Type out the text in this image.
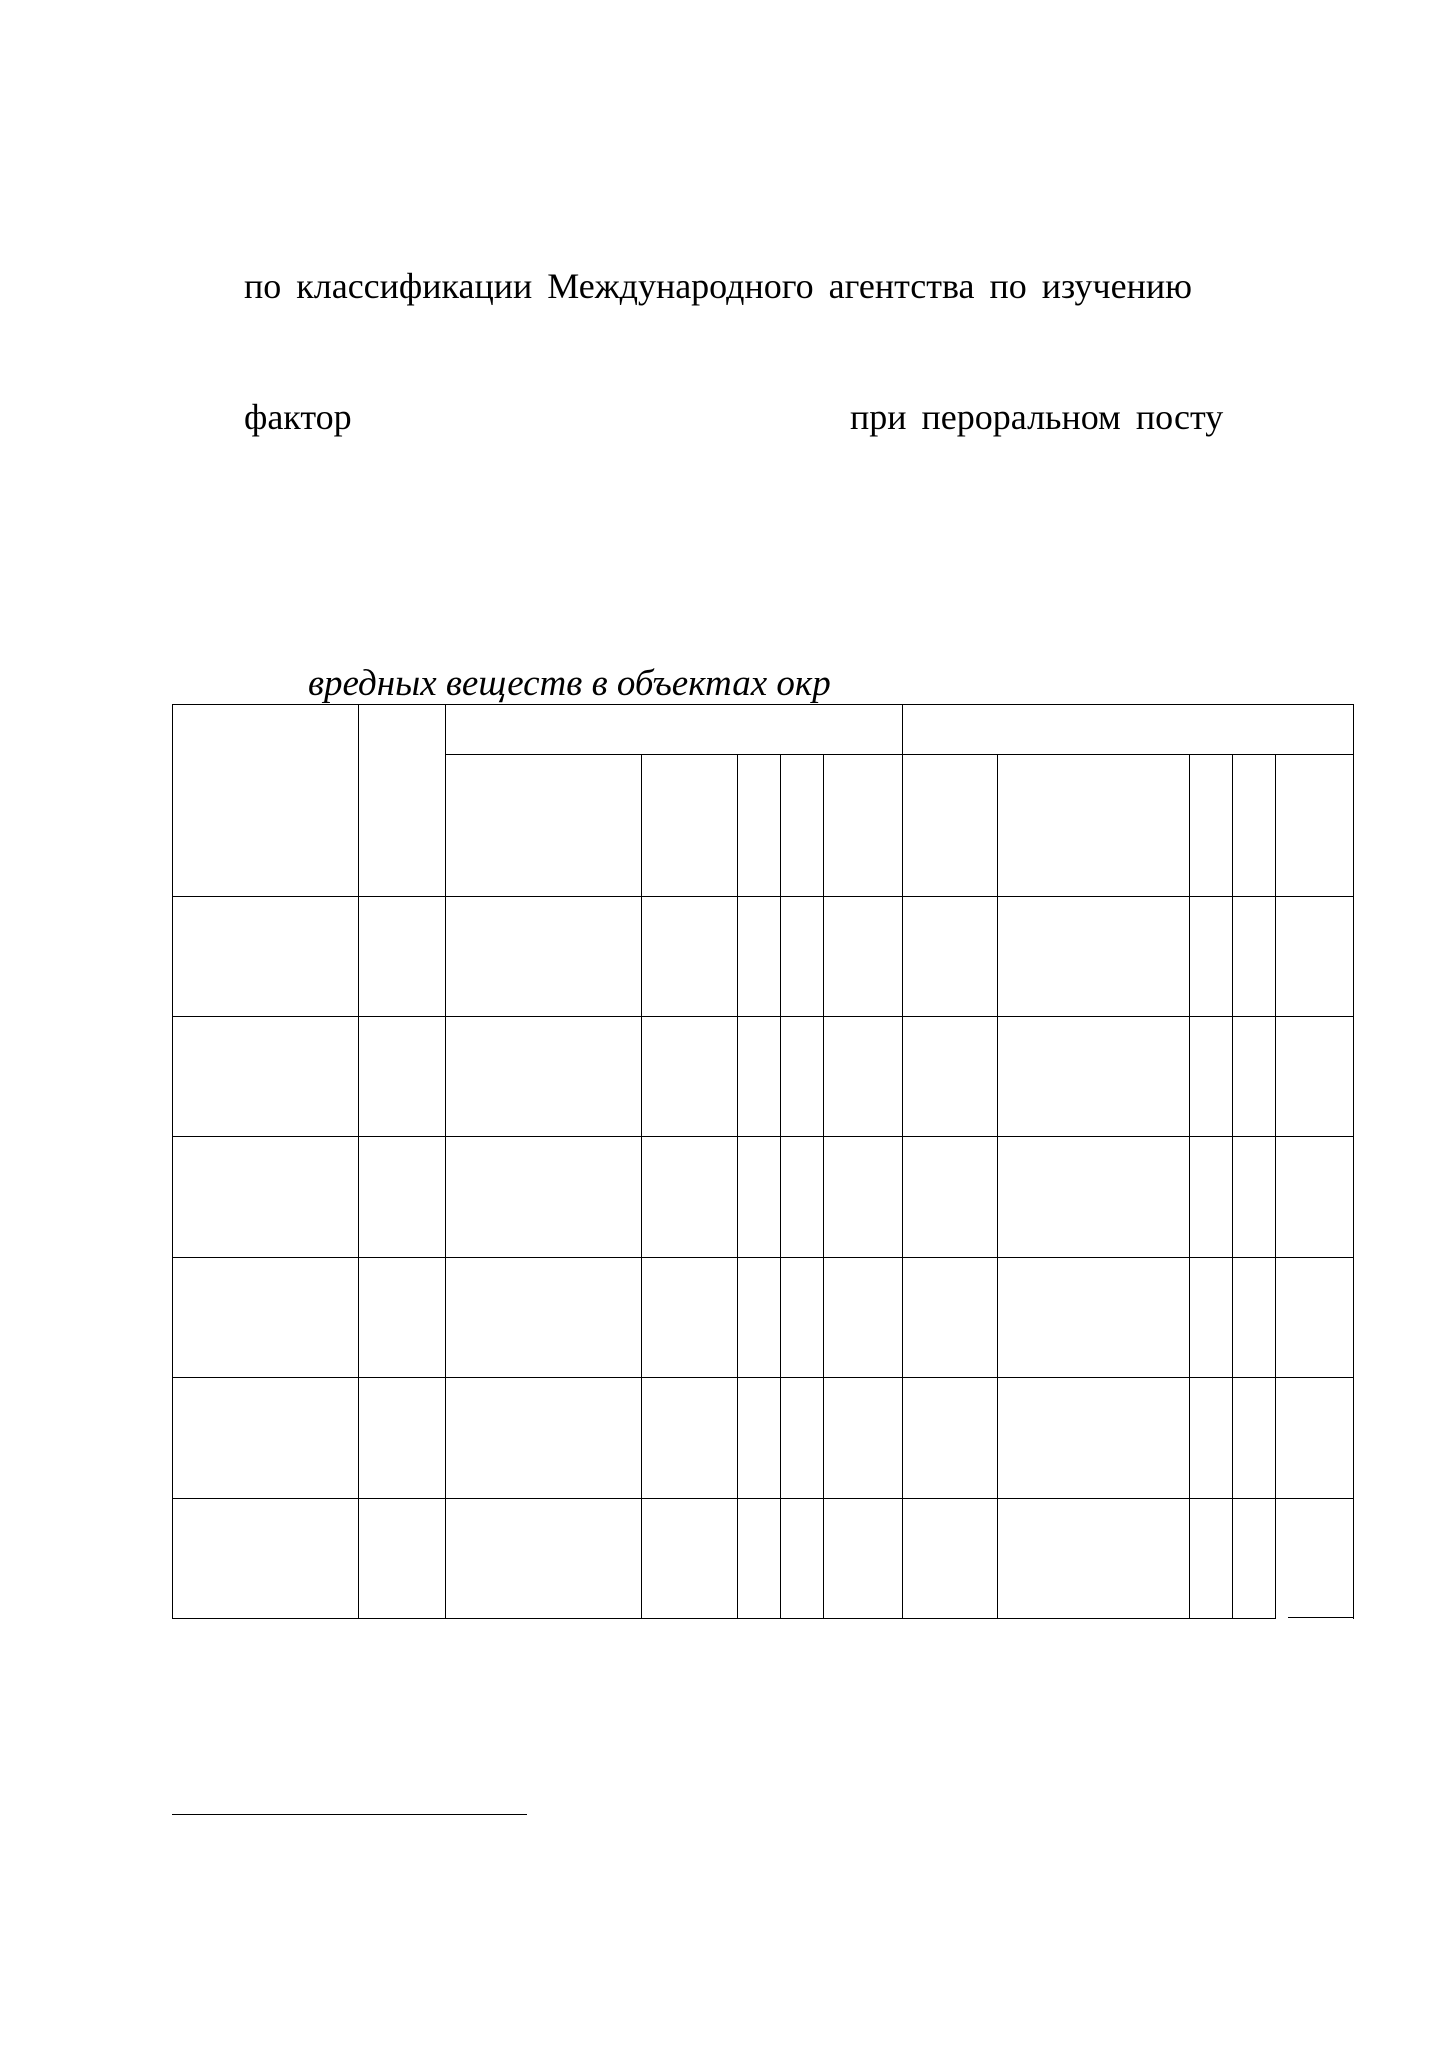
по классификации Международного агентства по изучению

фактор	при пероральном посту

вредных веществ в объектах окр
